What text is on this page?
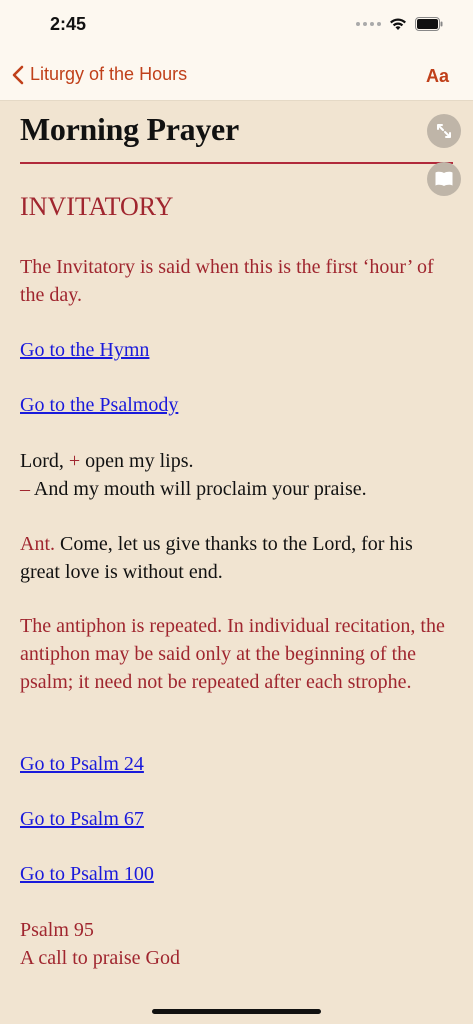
2:45
Liturgy of the Hours	Aa
Morning Prayer
INVITATORY
The Invitatory is said when this is the first ‘hour’ of the day.
Go to the Hymn
Go to the Psalmody
Lord, + open my lips.
– And my mouth will proclaim your praise.
Ant. Come, let us give thanks to the Lord, for his great love is without end.
The antiphon is repeated. In individual recitation, the antiphon may be said only at the beginning of the psalm; it need not be repeated after each strophe.
Go to Psalm 24
Go to Psalm 67
Go to Psalm 100
Psalm 95
A call to praise God
